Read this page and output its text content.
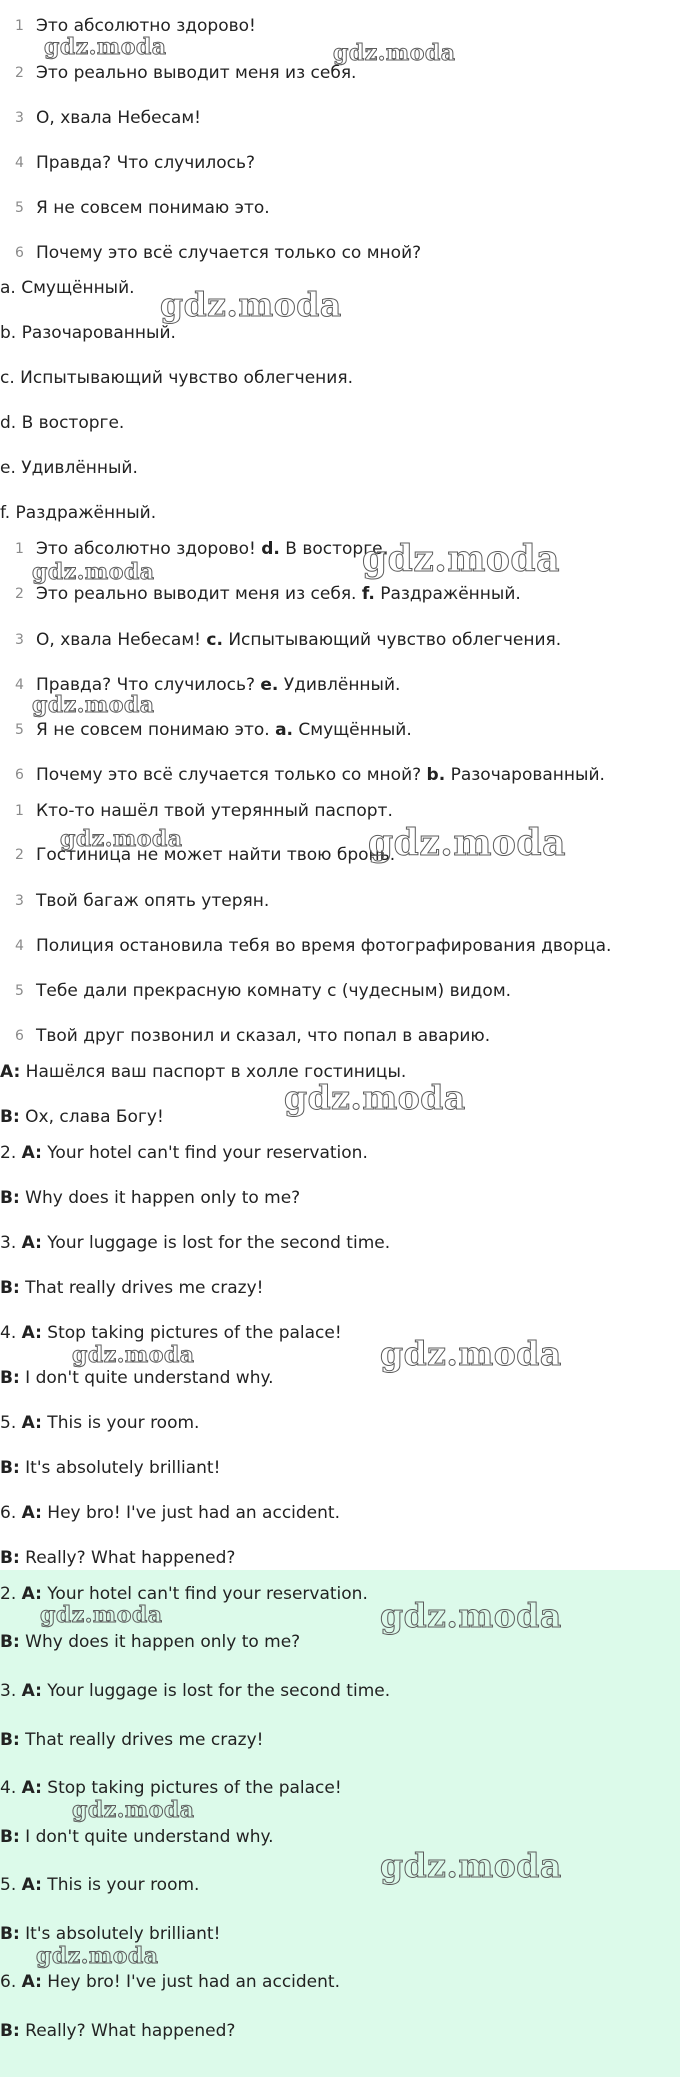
1 Это абсолютно здорово!
2 Это реально выводит меня из себя.
3 О, хвала Небесам!
4 Правда? Что случилось?
5 Я не совсем понимаю это.
6 Почему это всё случается только со мной?
a. Смущённый.
b. Разочарованный.
c. Испытывающий чувство облегчения.
d. В восторге.
e. Удивлённый.
f. Раздражённый.
1 Это абсолютно здорово! d. В восторге.
2 Это реально выводит меня из себя. f. Раздражённый.
3 О, хвала Небесам! c. Испытывающий чувство облегчения.
4 Правда? Что случилось? e. Удивлённый.
5 Я не совсем понимаю это. а. Смущённый.
6 Почему это всё случается только со мной? b. Разочарованный.
1 Кто-то нашёл твой утерянный паспорт.
2 Гостиница не может найти твою бронь.
3 Твой багаж опять утерян.
4 Полиция остановила тебя во время фотографирования дворца.
5 Тебе дали прекрасную комнату с (чудесным) видом.
6 Твой друг позвонил и сказал, что попал в аварию.
A: Нашёлся ваш паспорт в холле гостиницы.
B: Ох, слава Богу!
2. A: Your hotel can't find your reservation.
B: Why does it happen only to me?
3. A: Your luggage is lost for the second time.
B: That really drives me crazy!
4. A: Stop taking pictures of the palace!
B: I don't quite understand why.
5. A: This is your room.
B: It's absolutely brilliant!
6. A: Hey bro! I've just had an accident.
B: Really? What happened?
2. A: Your hotel can't find your reservation.
B: Why does it happen only to me?
3. A: Your luggage is lost for the second time.
B: That really drives me crazy!
4. A: Stop taking pictures of the palace!
B: I don't quite understand why.
5. A: This is your room.
B: It's absolutely brilliant!
6. A: Hey bro! I've just had an accident.
B: Really? What happened?
gdz.moda	gdz.moda
gdz.moda
gdz.moda
gdz.moda
gdz.moda
gdz.moda	gdz.moda
gdz.moda
gdz.moda	gdz.moda
gdz.moda	gdz.moda
gdz.moda
gdz.moda
gdz.moda
